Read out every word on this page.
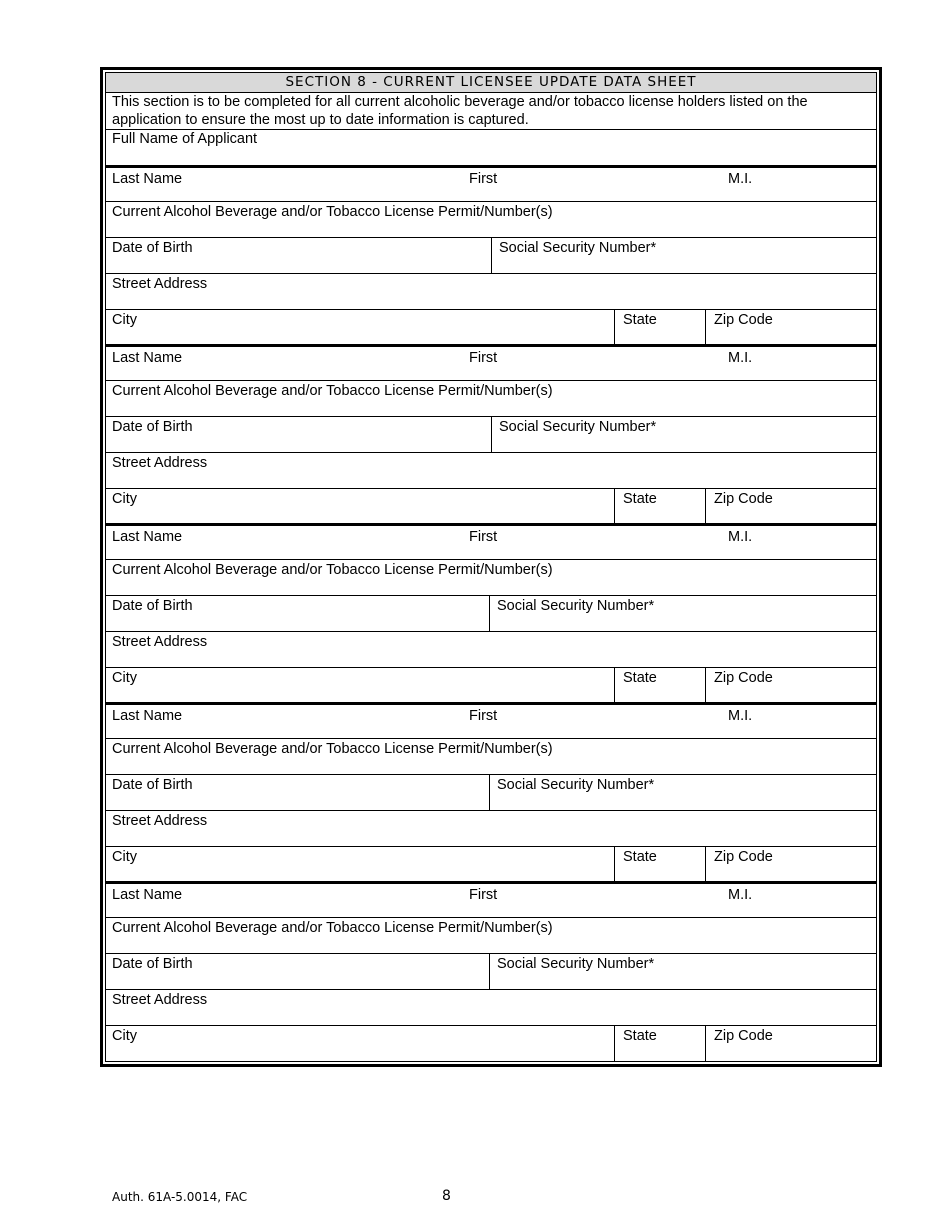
SECTION 8 - CURRENT LICENSEE UPDATE DATA SHEET
This section is to be completed for all current alcoholic beverage and/or tobacco license holders listed on the application to ensure the most up to date information is captured.
Full Name of Applicant
Last Name	First	M.I.
Current Alcohol Beverage and/or Tobacco License Permit/Number(s)
Date of Birth	Social Security Number*
Street Address
City	State	Zip Code
Last Name	First	M.I.
Current Alcohol Beverage and/or Tobacco License Permit/Number(s)
Date of Birth	Social Security Number*
Street Address
City	State	Zip Code
Last Name	First	M.I.
Current Alcohol Beverage and/or Tobacco License Permit/Number(s)
Date of Birth	Social Security Number*
Street Address
City	State	Zip Code
Last Name	First	M.I.
Current Alcohol Beverage and/or Tobacco License Permit/Number(s)
Date of Birth	Social Security Number*
Street Address
City	State	Zip Code
Last Name	First	M.I.
Current Alcohol Beverage and/or Tobacco License Permit/Number(s)
Date of Birth	Social Security Number*
Street Address
City	State	Zip Code
Auth. 61A-5.0014, FAC	8
